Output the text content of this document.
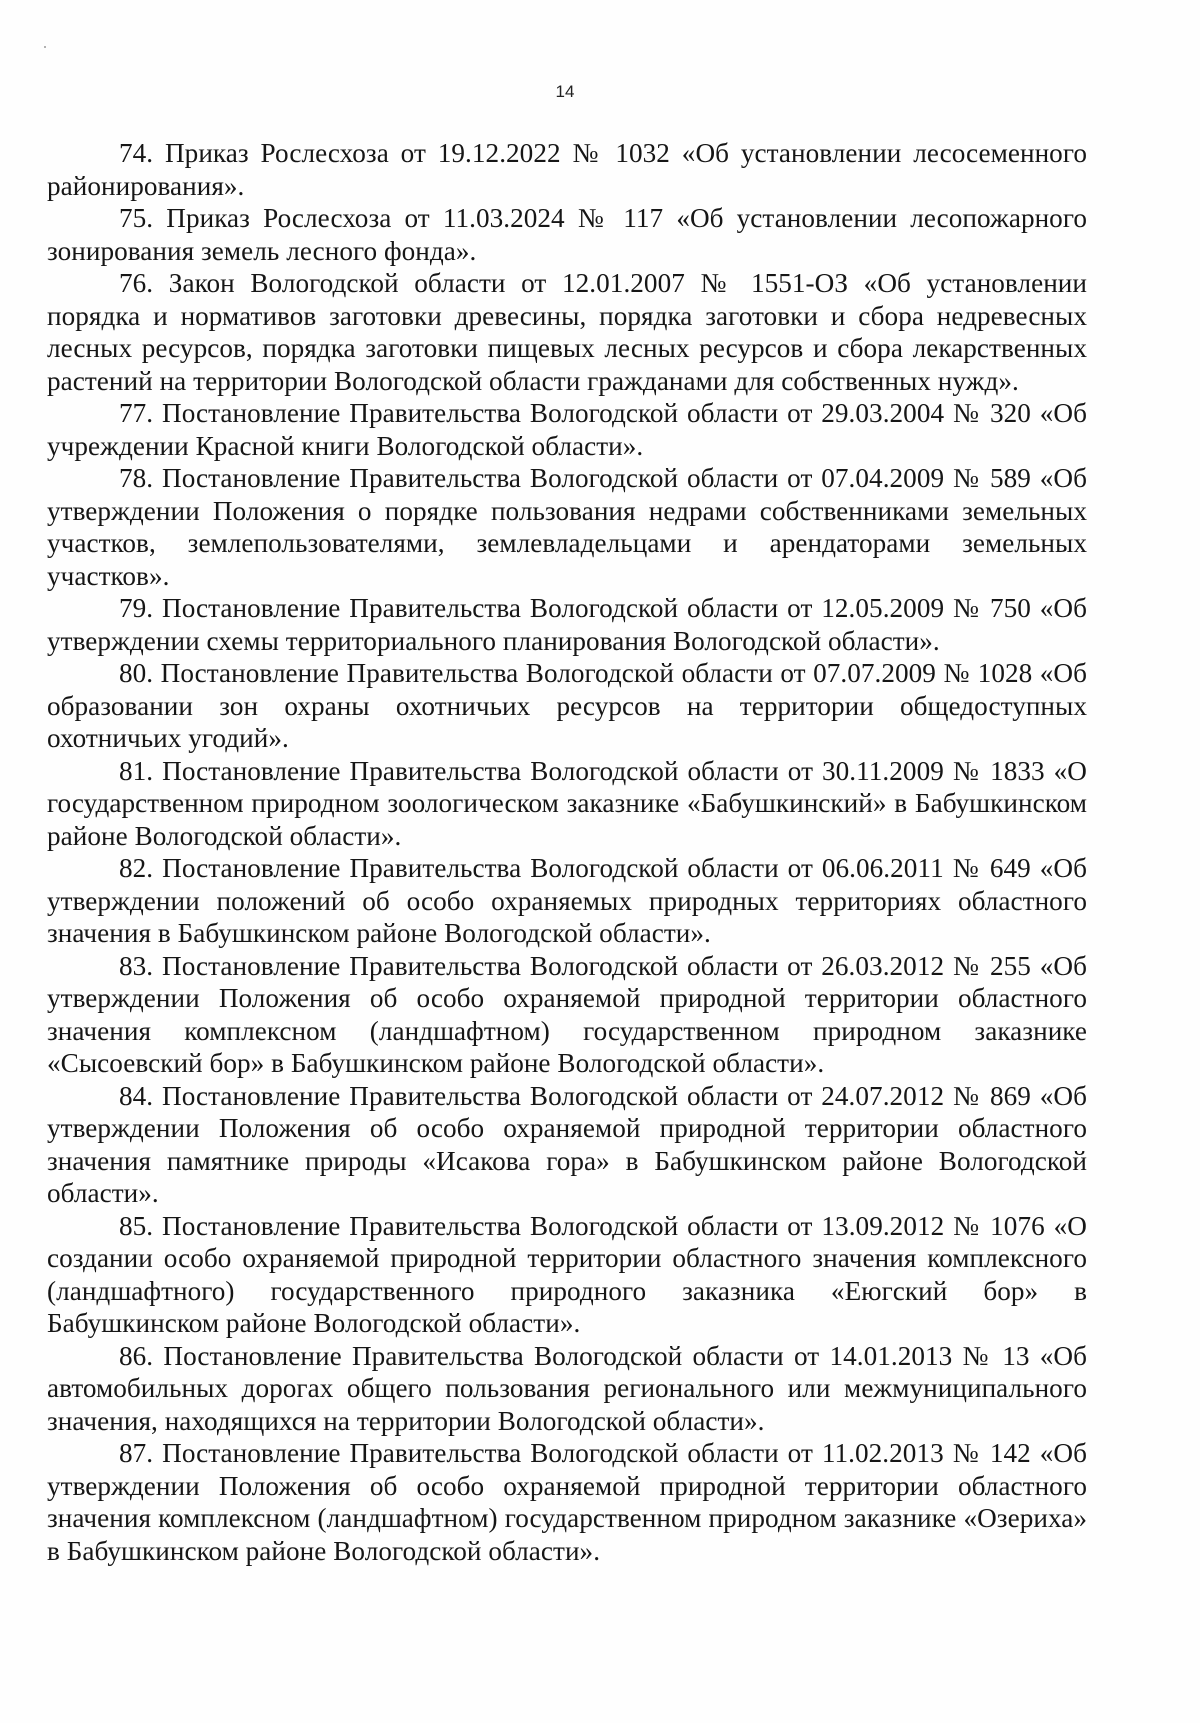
14

74. Приказ Рослесхоза от 19.12.2022 № 1032 «Об установлении лесосеменного районирования».

75. Приказ Рослесхоза от 11.03.2024 № 117 «Об установлении лесопожарного зонирования земель лесного фонда».

76. Закон Вологодской области от 12.01.2007 № 1551-ОЗ «Об установлении порядка и нормативов заготовки древесины, порядка заготовки и сбора недревесных лесных ресурсов, порядка заготовки пищевых лесных ресурсов и сбора лекарственных растений на территории Вологодской области гражданами для собственных нужд».

77. Постановление Правительства Вологодской области от 29.03.2004 № 320 «Об учреждении Красной книги Вологодской области».

78. Постановление Правительства Вологодской области от 07.04.2009 № 589 «Об утверждении Положения о порядке пользования недрами собственниками земельных участков, землепользователями, землевладельцами и арендаторами земельных участков».

79. Постановление Правительства Вологодской области от 12.05.2009 № 750 «Об утверждении схемы территориального планирования Вологодской области».

80. Постановление Правительства Вологодской области от 07.07.2009 № 1028 «Об образовании зон охраны охотничьих ресурсов на территории общедоступных охотничьих угодий».

81. Постановление Правительства Вологодской области от 30.11.2009 № 1833 «О государственном природном зоологическом заказнике «Бабушкинский» в Бабушкинском районе Вологодской области».

82. Постановление Правительства Вологодской области от 06.06.2011 № 649 «Об утверждении положений об особо охраняемых природных территориях областного значения в Бабушкинском районе Вологодской области».

83. Постановление Правительства Вологодской области от 26.03.2012 № 255 «Об утверждении Положения об особо охраняемой природной территории областного значения комплексном (ландшафтном) государственном природном заказнике «Сысоевский бор» в Бабушкинском районе Вологодской области».

84. Постановление Правительства Вологодской области от 24.07.2012 № 869 «Об утверждении Положения об особо охраняемой природной территории областного значения памятнике природы «Исакова гора» в Бабушкинском районе Вологодской области».

85. Постановление Правительства Вологодской области от 13.09.2012 № 1076 «О создании особо охраняемой природной территории областного значения комплексного (ландшафтного) государственного природного заказника «Еюгский бор» в Бабушкинском районе Вологодской области».

86. Постановление Правительства Вологодской области от 14.01.2013 № 13 «Об автомобильных дорогах общего пользования регионального или межмуниципального значения, находящихся на территории Вологодской области».

87. Постановление Правительства Вологодской области от 11.02.2013 № 142 «Об утверждении Положения об особо охраняемой природной территории областного значения комплексном (ландшафтном) государственном природном заказнике «Озериха» в Бабушкинском районе Вологодской области».
